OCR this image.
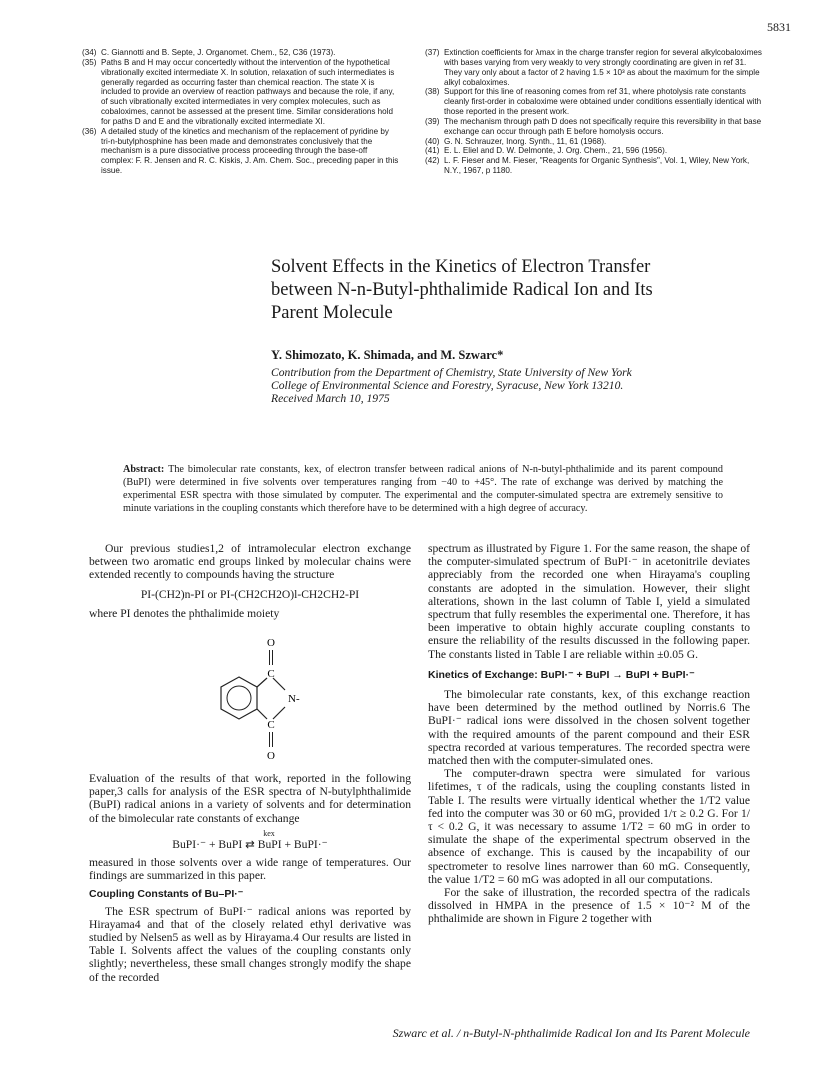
5831
(34) C. Giannotti and B. Septe, J. Organomet. Chem., 52, C36 (1973).
(35) Paths B and H may occur concertedly without the intervention of the hypothetical vibrationally excited intermediate X. In solution, relaxation of such intermediates is generally regarded as occurring faster than chemical reaction. The state X is included to provide an overview of reaction pathways and because the role, if any, of such vibrationally excited intermediates in very complex molecules, such as cobaloximes, cannot be assessed at the present time. Similar considerations hold for paths D and E and the vibrationally excited intermediate XI.
(36) A detailed study of the kinetics and mechanism of the replacement of pyridine by tri-n-butylphosphine has been made and demonstrates conclusively that the mechanism is a pure dissociative process proceeding through the base-off complex: F. R. Jensen and R. C. Kiskis, J. Am. Chem. Soc., preceding paper in this issue.
(37) Extinction coefficients for λmax in the charge transfer region for several alkylcobaloximes with bases varying from very weakly to very strongly coordinating are given in ref 31. They vary only about a factor of 2 having 1.5 × 10³ as about the maximum for the simple alkyl cobaloximes.
(38) Support for this line of reasoning comes from ref 31, where photolysis rate constants cleanly first-order in cobaloxime were obtained under conditions essentially identical with those reported in the present work.
(39) The mechanism through path D does not specifically require this reversibility in that base exchange can occur through path E before homolysis occurs.
(40) G. N. Schrauzer, Inorg. Synth., 11, 61 (1968).
(41) E. L. Eliel and D. W. Delmonte, J. Org. Chem., 21, 596 (1956).
(42) L. F. Fieser and M. Fieser, "Reagents for Organic Synthesis", Vol. 1, Wiley, New York, N.Y., 1967, p 1180.
Solvent Effects in the Kinetics of Electron Transfer
between N-n-Butyl-phthalimide Radical Ion and Its
Parent Molecule
Y. Shimozato, K. Shimada, and M. Szwarc*
Contribution from the Department of Chemistry, State University of New York
College of Environmental Science and Forestry, Syracuse, New York 13210.
Received March 10, 1975
Abstract: The bimolecular rate constants, kex, of electron transfer between radical anions of N-n-butyl-phthalimide and its parent compound (BuPI) were determined in five solvents over temperatures ranging from −40 to +45°. The rate of exchange was derived by matching the experimental ESR spectra with those simulated by computer. The experimental and the computer-simulated spectra are extremely sensitive to minute variations in the coupling constants which therefore have to be determined with a high degree of accuracy.

Our previous studies1,2 of intramolecular electron exchange between two aromatic end groups linked by molecular chains were extended recently to compounds having the structure

PI-(CH2)n-PI or PI-(CH2CH2O)l-CH2CH2-PI

where PI denotes the phthalimide moiety

O
C
N-
C
O

Evaluation of the results of that work, reported in the following paper,3 calls for analysis of the ESR spectra of N-butylphthalimide (BuPI) radical anions in a variety of solvents and for determination of the bimolecular rate constants of exchange

kex
BuPI·⁻ + BuPI ⇄ BuPI + BuPI·⁻

measured in those solvents over a wide range of temperatures. Our findings are summarized in this paper.

Coupling Constants of Bu–PI·⁻

The ESR spectrum of BuPI·⁻ radical anions was reported by Hirayama4 and that of the closely related ethyl derivative was studied by Nelsen5 as well as by Hirayama.4 Our results are listed in Table I. Solvents affect the values of the coupling constants only slightly; nevertheless, these small changes strongly modify the shape of the recorded

spectrum as illustrated by Figure 1. For the same reason, the shape of the computer-simulated spectrum of BuPI·⁻ in acetonitrile deviates appreciably from the recorded one when Hirayama's coupling constants are adopted in the simulation. However, their slight alterations, shown in the last column of Table I, yield a simulated spectrum that fully resembles the experimental one. Therefore, it has been imperative to obtain highly accurate coupling constants to ensure the reliability of the results discussed in the following paper. The constants listed in Table I are reliable within ±0.05 G.

Kinetics of Exchange: BuPI·⁻ + BuPI → BuPI + BuPI·⁻

The bimolecular rate constants, kex, of this exchange reaction have been determined by the method outlined by Norris.6 The BuPI·⁻ radical ions were dissolved in the chosen solvent together with the required amounts of the parent compound and their ESR spectra recorded at various temperatures. The recorded spectra were matched then with the computer-simulated ones.

The computer-drawn spectra were simulated for various lifetimes, τ of the radicals, using the coupling constants listed in Table I. The results were virtually identical whether the 1/T2 value fed into the computer was 30 or 60 mG, provided 1/τ ≥ 0.2 G. For 1/τ < 0.2 G, it was necessary to assume 1/T2 = 60 mG in order to simulate the shape of the experimental spectrum observed in the absence of exchange. This is caused by the incapability of our spectrometer to resolve lines narrower than 60 mG. Consequently, the value 1/T2 = 60 mG was adopted in all our computations.

For the sake of illustration, the recorded spectra of the radicals dissolved in HMPA in the presence of 1.5 × 10⁻² M of the phthalimide are shown in Figure 2 together with

Szwarc et al. / n-Butyl-N-phthalimide Radical Ion and Its Parent Molecule
